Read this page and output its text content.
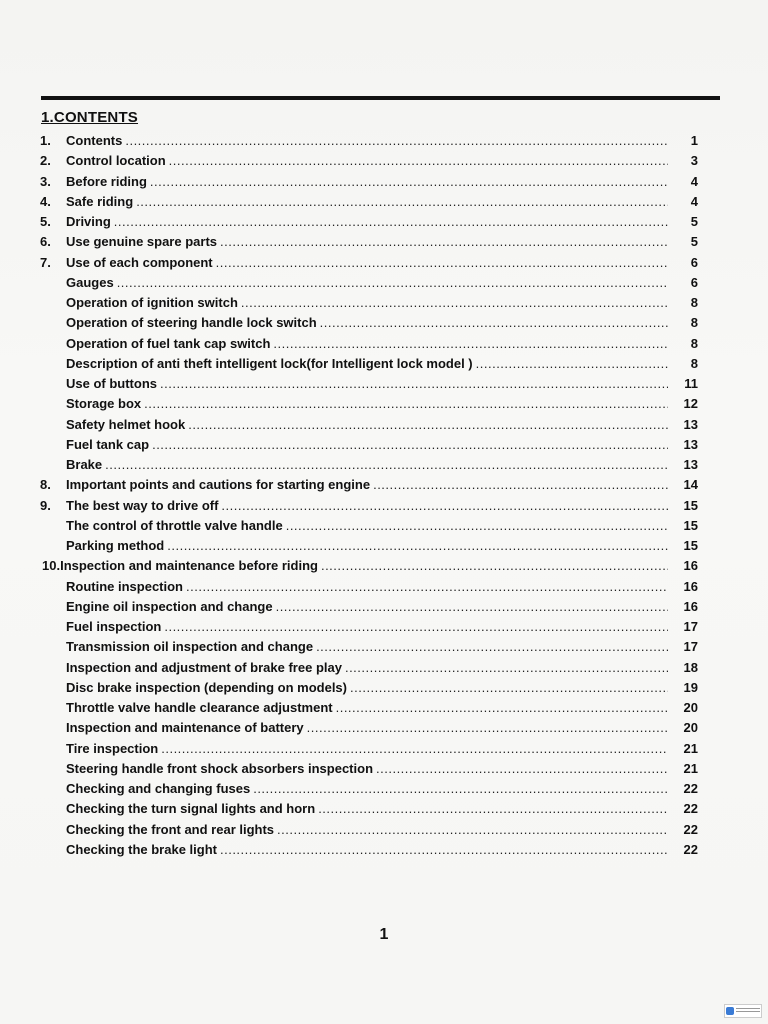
1.CONTENTS
1.	Contents .....	1
2.	Control location .....	3
3.	Before riding .....	4
4.	Safe riding .....	4
5.	Driving .....	5
6.	Use genuine spare parts .....	5
7.	Use of each component .....	6
Gauges .....	6
Operation of ignition switch .....	8
Operation of steering handle lock switch .....	8
Operation of fuel tank cap switch .....	8
Description of anti theft intelligent lock(for Intelligent lock model ) .....	8
Use of buttons .....	11
Storage box .....	12
Safety helmet hook .....	13
Fuel tank cap .....	13
Brake .....	13
8.	Important points and cautions for starting engine .....	14
9.	The best way to drive off .....	15
The control of throttle valve handle .....	15
Parking method .....	15
10. Inspection and maintenance before riding .....	16
Routine inspection .....	16
Engine oil inspection and change .....	16
Fuel inspection .....	17
Transmission oil inspection and change .....	17
Inspection and adjustment of brake free play .....	18
Disc brake inspection (depending on models) .....	19
Throttle valve handle clearance adjustment .....	20
Inspection and maintenance of battery .....	20
Tire inspection .....	21
Steering handle front shock absorbers inspection .....	21
Checking and changing fuses .....	22
Checking the turn signal lights and horn .....	22
Checking the front and rear lights .....	22
Checking the brake light .....	22
1
